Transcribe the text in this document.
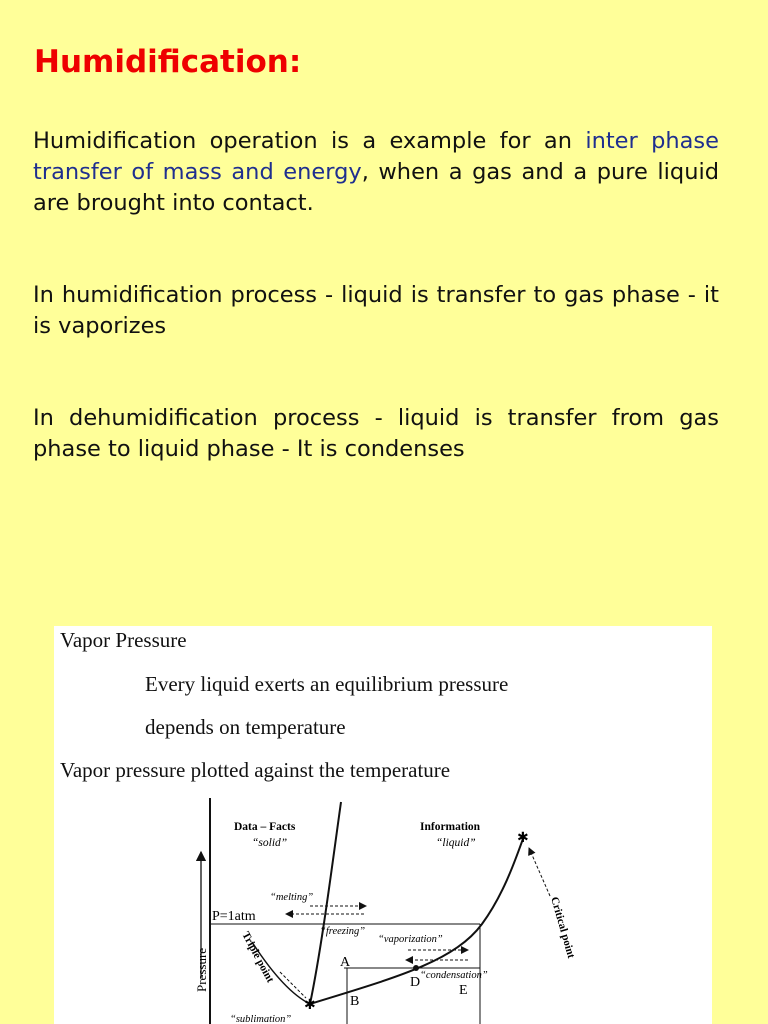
Humidification:
Humidification operation is a example for an inter phase transfer of mass and energy, when a gas and a pure liquid are brought into contact.
In humidification process - liquid is transfer to gas phase - it is vaporizes
In dehumidification process - liquid is transfer from gas phase to liquid phase - It is condenses
Vapor Pressure
Every liquid exerts an equilibrium pressure
depends on temperature
Vapor pressure plotted against the temperature
Pressure
P=1atm
✱
✱
Triple point	Critical point
Data – Facts
“solid”
Information
“liquid”
“melting”
“freezing”
“vaporization”
“condensation”
“sublimation”
A
B
D
E
